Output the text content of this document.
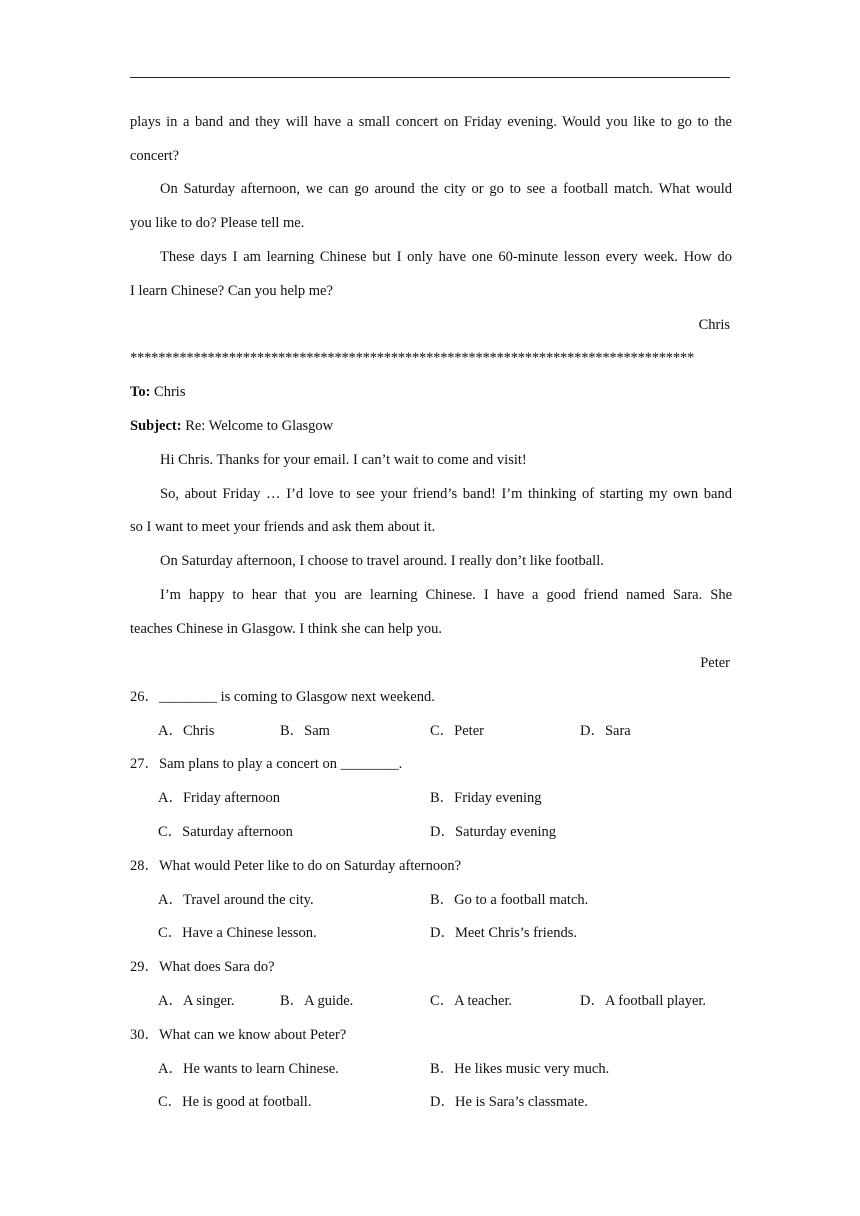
plays in a band and they will have a small concert on Friday evening. Would you like to go to the
concert?
On Saturday afternoon, we can go around the city or go to see a football match. What would
you like to do? Please tell me.
These days I am learning Chinese but I only have one 60-minute lesson every week. How do
I learn Chinese? Can you help me?
Chris
********************************************************************************
To: Chris
Subject: Re: Welcome to Glasgow
Hi Chris. Thanks for your email. I can’t wait to come and visit!
So, about Friday … I’d love to see your friend’s band! I’m thinking of starting my own band
so I want to meet your friends and ask them about it.
On Saturday afternoon, I choose to travel around. I really don’t like football.
I’m happy to hear that you are learning Chinese. I have a good friend named Sara. She
teaches Chinese in Glasgow. I think she can help you.
Peter
26．________ is coming to Glasgow next weekend.
A．Chris	B．Sam	C．Peter	D．Sara
27．Sam plans to play a concert on ________.
A．Friday afternoon	B．Friday evening
C．Saturday afternoon	D．Saturday evening
28．What would Peter like to do on Saturday afternoon?
A．Travel around the city.	B．Go to a football match.
C．Have a Chinese lesson.	D．Meet Chris’s friends.
29．What does Sara do?
A．A singer.	B．A guide.	C．A teacher.	D．A football player.
30．What can we know about Peter?
A．He wants to learn Chinese.	B．He likes music very much.
C．He is good at football.	D．He is Sara’s classmate.
